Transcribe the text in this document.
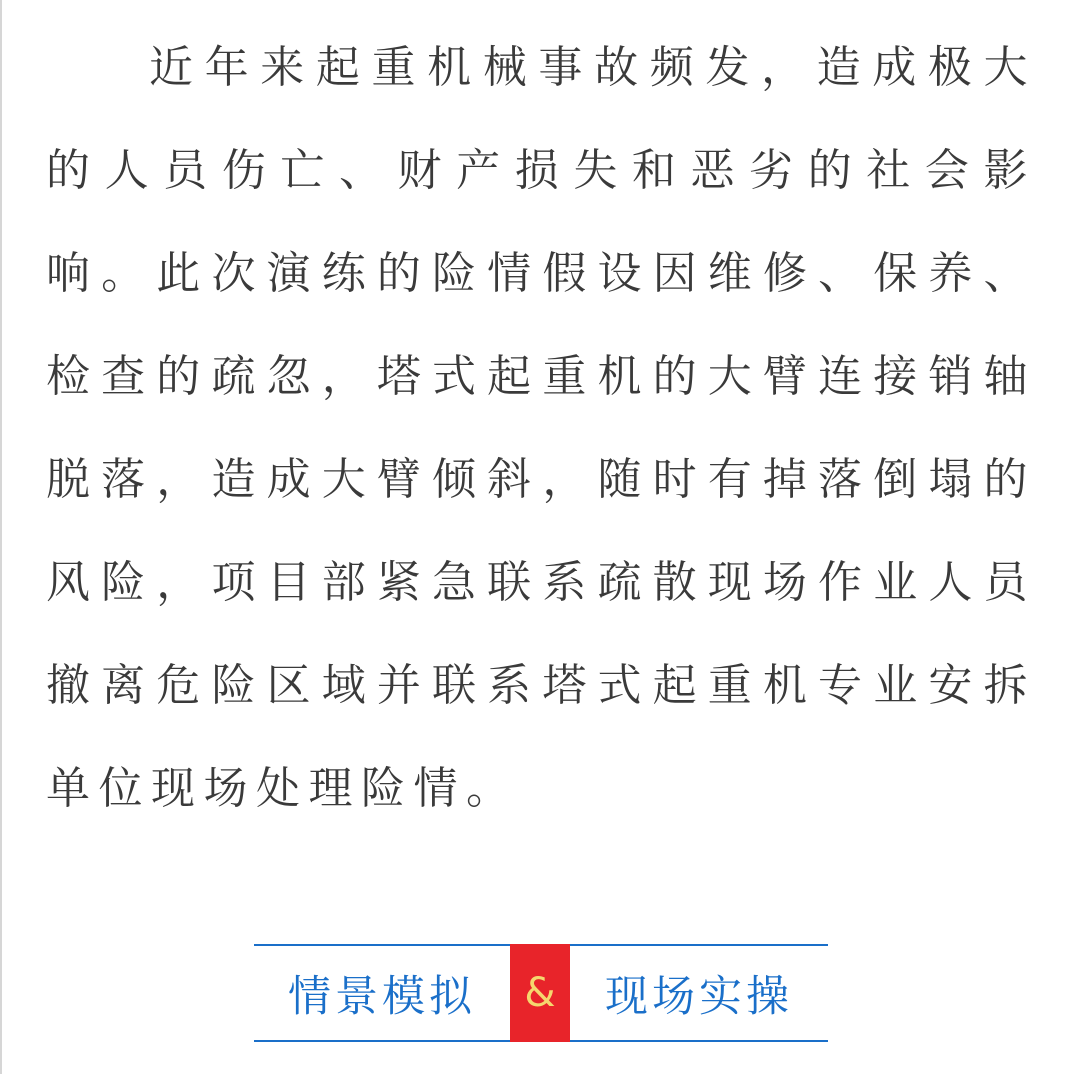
近年来起重机械事故频发，造成极大的人员伤亡、财产损失和恶劣的社会影响。此次演练的险情假设因维修、保养、检查的疏忽，塔式起重机的大臂连接销轴脱落，造成大臂倾斜，随时有掉落倒塌的风险，项目部紧急联系疏散现场作业人员撤离危险区域并联系塔式起重机专业安拆单位现场处理险情。

情景模拟	&	现场实操
